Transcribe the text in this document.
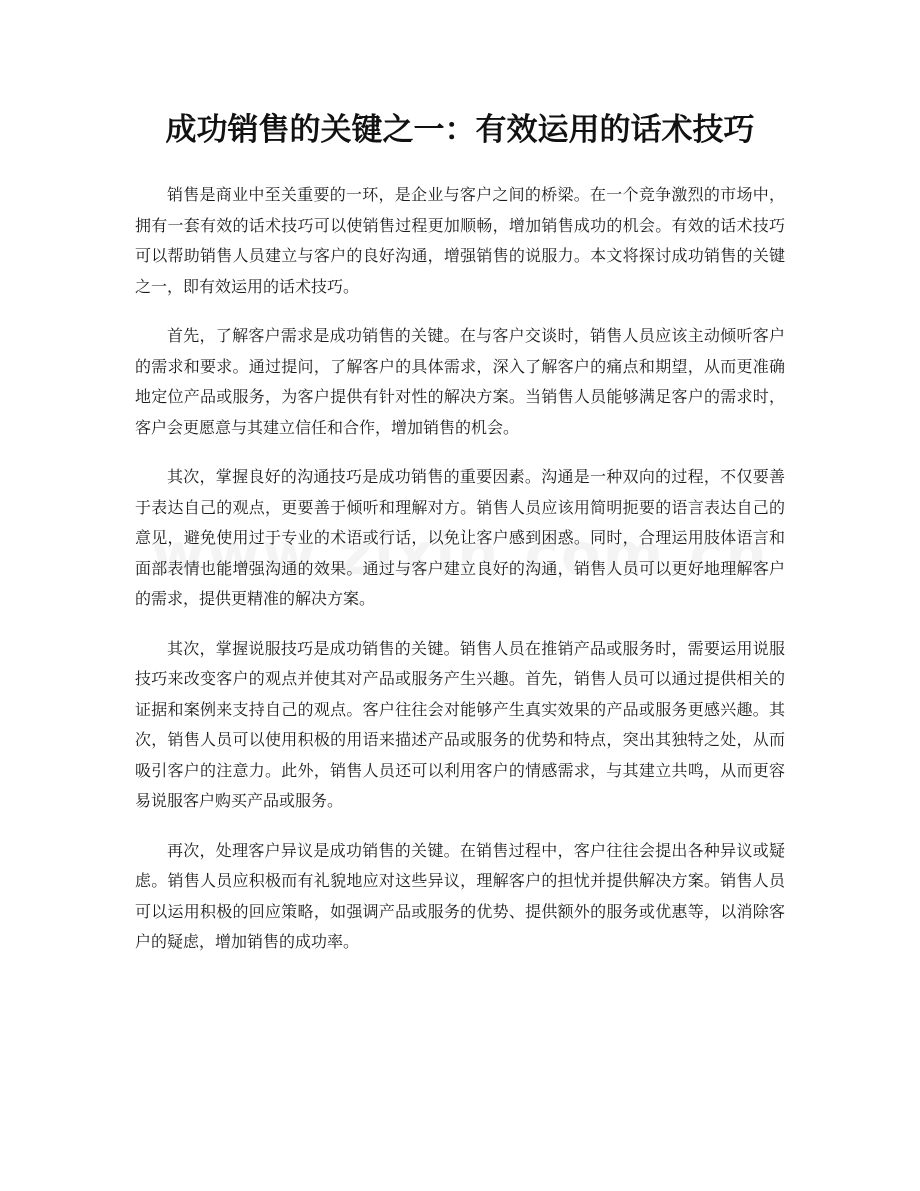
成功销售的关键之一：有效运用的话术技巧

销售是商业中至关重要的一环，是企业与客户之间的桥梁。在一个竞争激烈的市场中，拥有一套有效的话术技巧可以使销售过程更加顺畅，增加销售成功的机会。有效的话术技巧可以帮助销售人员建立与客户的良好沟通，增强销售的说服力。本文将探讨成功销售的关键之一，即有效运用的话术技巧。

首先，了解客户需求是成功销售的关键。在与客户交谈时，销售人员应该主动倾听客户的需求和要求。通过提问，了解客户的具体需求，深入了解客户的痛点和期望，从而更准确地定位产品或服务，为客户提供有针对性的解决方案。当销售人员能够满足客户的需求时，客户会更愿意与其建立信任和合作，增加销售的机会。

其次，掌握良好的沟通技巧是成功销售的重要因素。沟通是一种双向的过程，不仅要善于表达自己的观点，更要善于倾听和理解对方。销售人员应该用简明扼要的语言表达自己的意见，避免使用过于专业的术语或行话，以免让客户感到困惑。同时，合理运用肢体语言和面部表情也能增强沟通的效果。通过与客户建立良好的沟通，销售人员可以更好地理解客户的需求，提供更精准的解决方案。

其次，掌握说服技巧是成功销售的关键。销售人员在推销产品或服务时，需要运用说服技巧来改变客户的观点并使其对产品或服务产生兴趣。首先，销售人员可以通过提供相关的证据和案例来支持自己的观点。客户往往会对能够产生真实效果的产品或服务更感兴趣。其次，销售人员可以使用积极的用语来描述产品或服务的优势和特点，突出其独特之处，从而吸引客户的注意力。此外，销售人员还可以利用客户的情感需求，与其建立共鸣，从而更容易说服客户购买产品或服务。

再次，处理客户异议是成功销售的关键。在销售过程中，客户往往会提出各种异议或疑虑。销售人员应积极而有礼貌地应对这些异议，理解客户的担忧并提供解决方案。销售人员可以运用积极的回应策略，如强调产品或服务的优势、提供额外的服务或优惠等，以消除客户的疑虑，增加销售的成功率。
